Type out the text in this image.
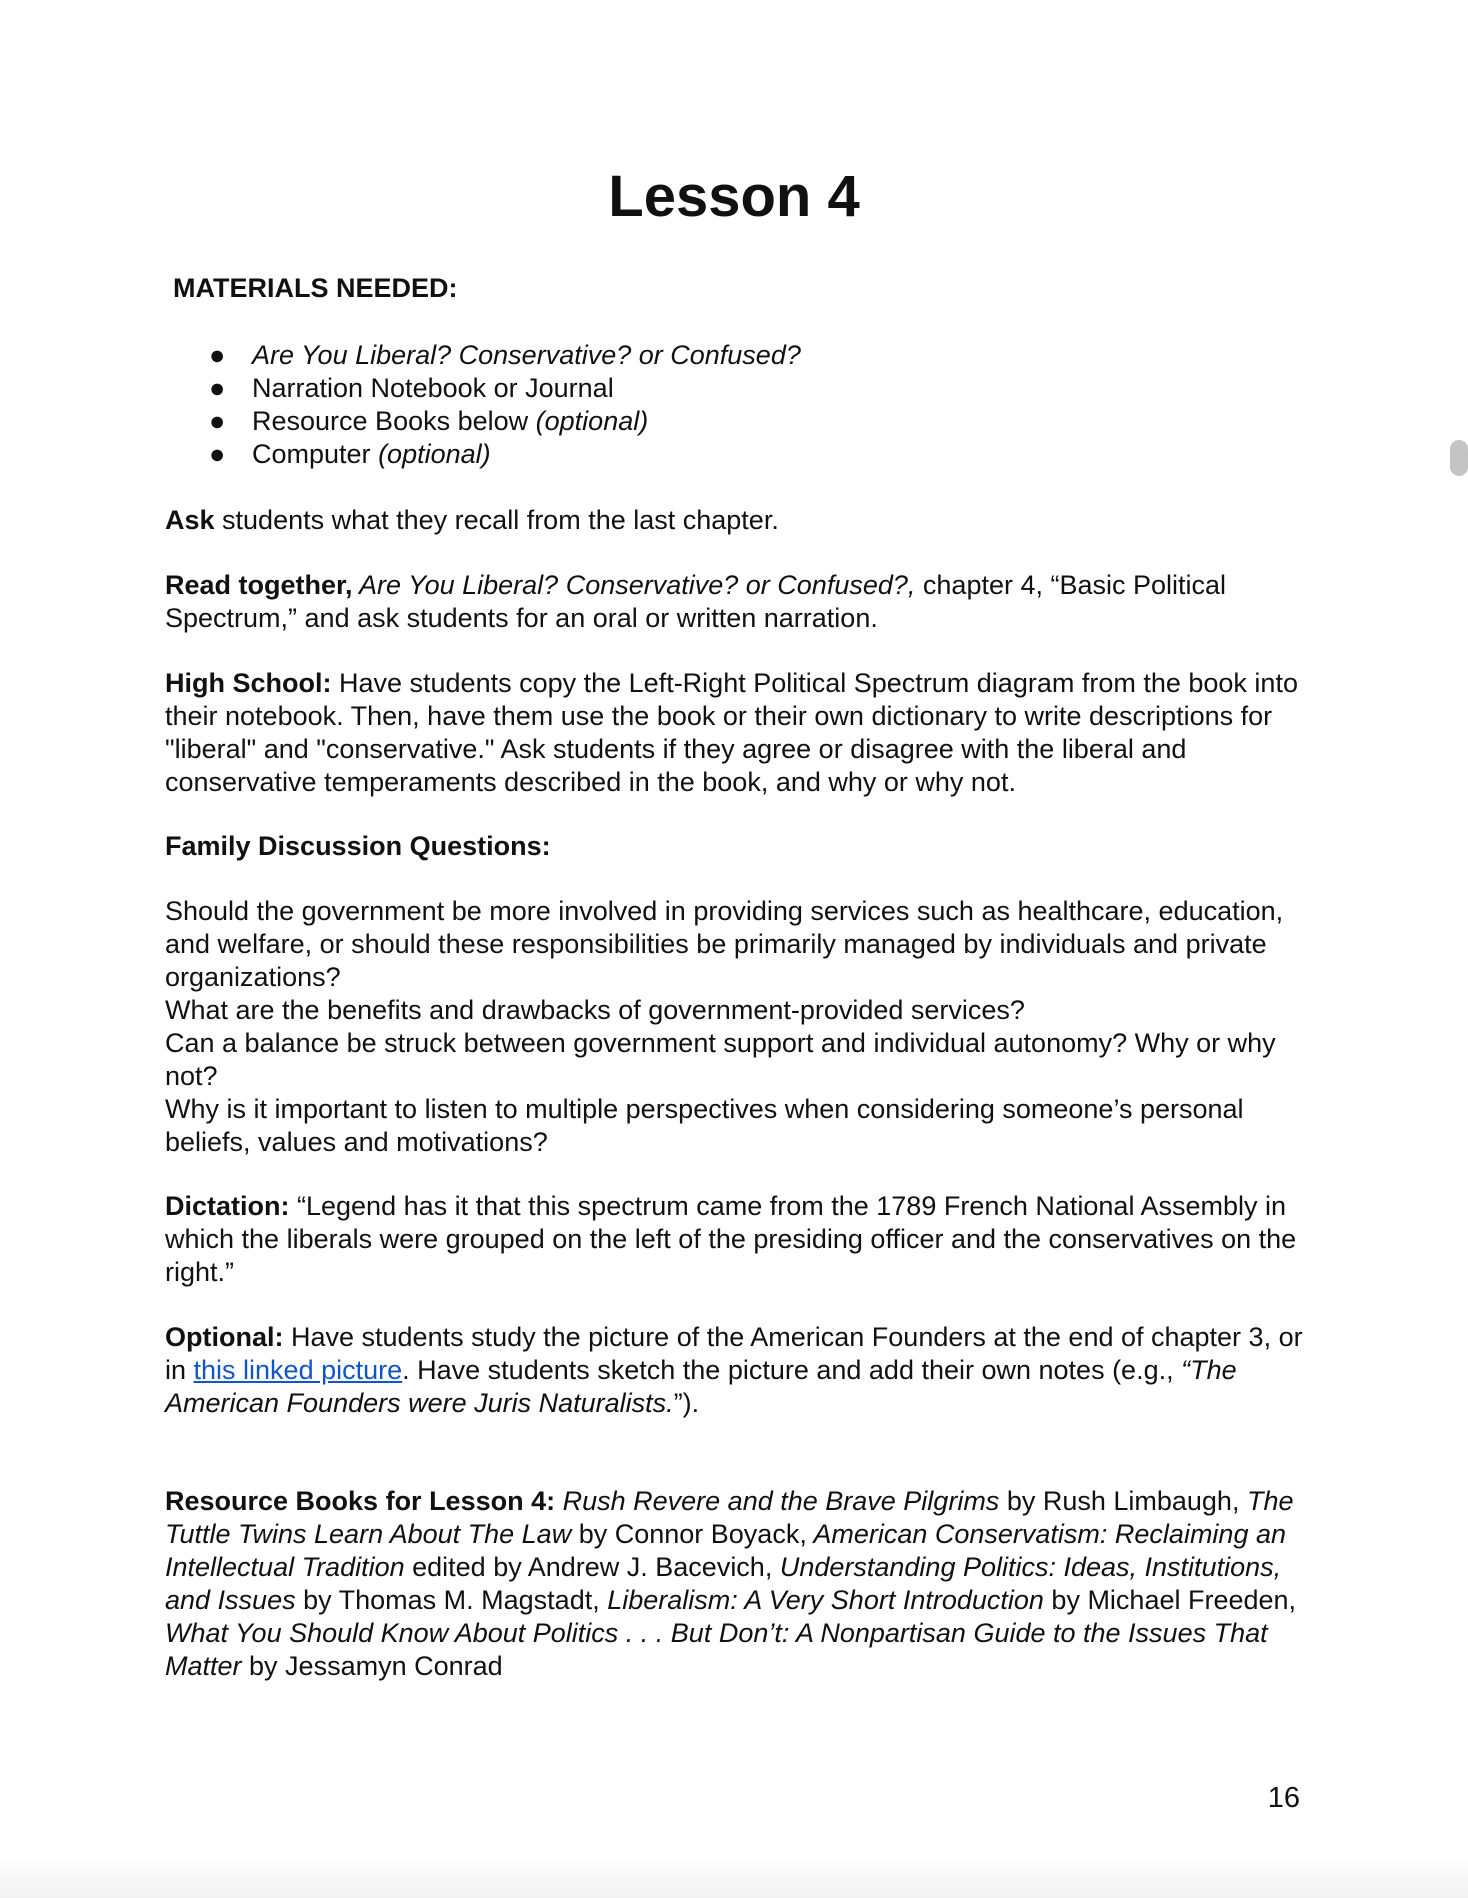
Lesson 4

MATERIALS NEEDED:

● Are You Liberal? Conservative? or Confused?
● Narration Notebook or Journal
● Resource Books below (optional)
● Computer (optional)

Ask students what they recall from the last chapter.

Read together, Are You Liberal? Conservative? or Confused?, chapter 4, “Basic Political Spectrum,” and ask students for an oral or written narration.

High School: Have students copy the Left-Right Political Spectrum diagram from the book into their notebook. Then, have them use the book or their own dictionary to write descriptions for "liberal" and "conservative." Ask students if they agree or disagree with the liberal and conservative temperaments described in the book, and why or why not.

Family Discussion Questions:

Should the government be more involved in providing services such as healthcare, education, and welfare, or should these responsibilities be primarily managed by individuals and private organizations?
What are the benefits and drawbacks of government-provided services?
Can a balance be struck between government support and individual autonomy? Why or why not?
Why is it important to listen to multiple perspectives when considering someone’s personal beliefs, values and motivations?

Dictation: “Legend has it that this spectrum came from the 1789 French National Assembly in which the liberals were grouped on the left of the presiding officer and the conservatives on the right.”

Optional: Have students study the picture of the American Founders at the end of chapter 3, or in this linked picture. Have students sketch the picture and add their own notes (e.g., “The American Founders were Juris Naturalists.”).

Resource Books for Lesson 4: Rush Revere and the Brave Pilgrims by Rush Limbaugh, The Tuttle Twins Learn About The Law by Connor Boyack, American Conservatism: Reclaiming an Intellectual Tradition edited by Andrew J. Bacevich, Understanding Politics: Ideas, Institutions, and Issues by Thomas M. Magstadt, Liberalism: A Very Short Introduction by Michael Freeden, What You Should Know About Politics . . . But Don’t: A Nonpartisan Guide to the Issues That Matter by Jessamyn Conrad

16
